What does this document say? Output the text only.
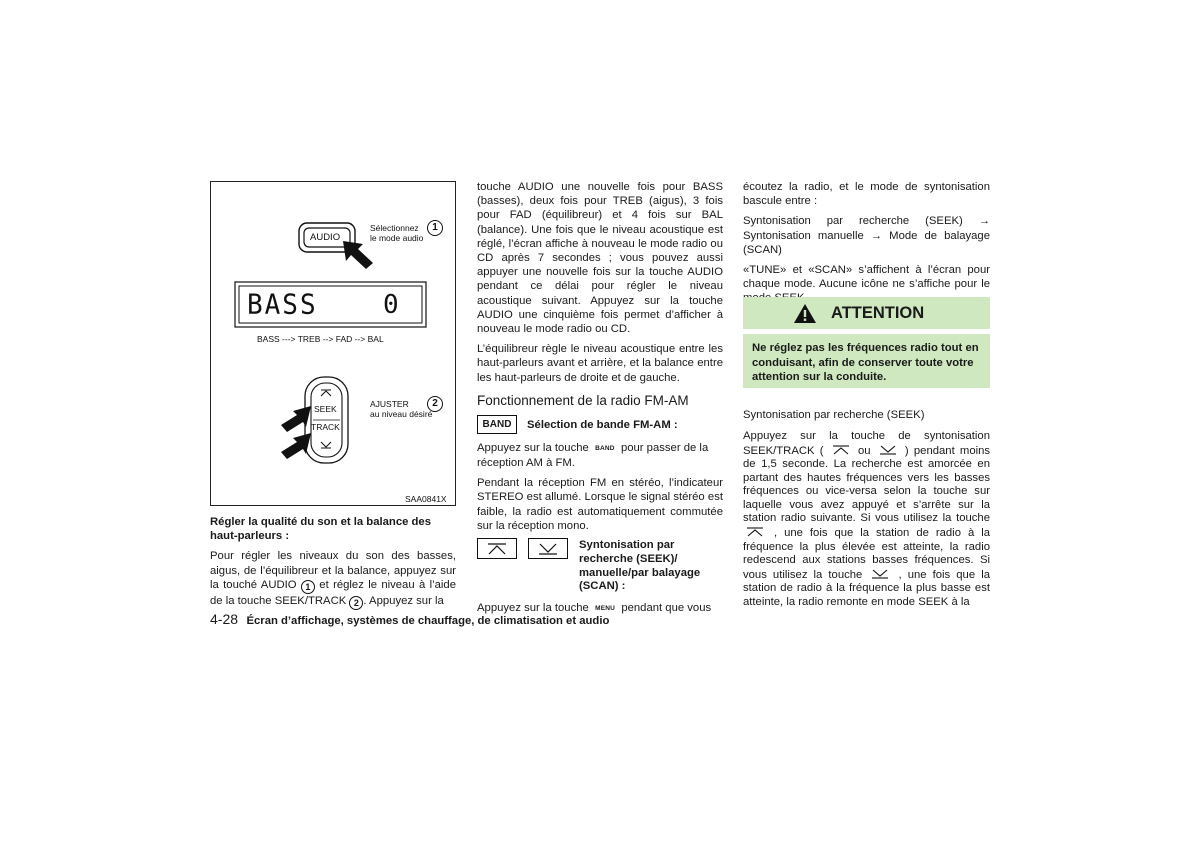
AUDIO
Sélectionnez
le mode audio
1
BASS	0
BASS ---> TREB --> FAD --> BAL
SEEK
TRACK
AJUSTER
au niveau désiré
2
SAA0841X

Régler la qualité du son et la balance des haut-parleurs :

Pour régler les niveaux du son des basses, aigus, de l’équilibreur et la balance, appuyez sur la touché AUDIO 1 et réglez le niveau à l’aide de la touche SEEK/TRACK 2 . Appuyez sur la

touche AUDIO une nouvelle fois pour BASS (basses), deux fois pour TREB (aigus), 3 fois pour FAD (équilibreur) et 4 fois sur BAL (balance). Une fois que le niveau acoustique est réglé, l’écran affiche à nouveau le mode radio ou CD après 7 secondes ; vous pouvez aussi appuyer une nouvelle fois sur la touche AUDIO pendant ce délai pour régler le niveau acoustique suivant. Appuyez sur la touche AUDIO une cinquième fois permet d’afficher à nouveau le mode radio ou CD.

L’équilibreur règle le niveau acoustique entre les haut-parleurs avant et arrière, et la balance entre les haut-parleurs de droite et de gauche.

Fonctionnement de la radio FM-AM

BAND	Sélection de bande FM-AM :

Appuyez sur la touche BAND pour passer de la réception AM à FM.

Pendant la réception FM en stéréo, l’indicateur STEREO est allumé. Lorsque le signal stéréo est faible, la radio est automatiquement commutée sur la réception mono.

Syntonisation par recherche (SEEK)/ manuelle/par balayage (SCAN) :

Appuyez sur la touche MENU pendant que vous

écoutez la radio, et le mode de syntonisation bascule entre :

Syntonisation par recherche (SEEK) → Syntonisation manuelle → Mode de balayage (SCAN)

«TUNE» et «SCAN» s’affichent à l’écran pour chaque mode. Aucune icône ne s’affiche pour le

ATTENTION

Ne réglez pas les fréquences radio tout en conduisant, afin de conserver toute votre attention sur la conduite.

Syntonisation par recherche (SEEK)

Appuyez sur la touche de syntonisation SEEK/TRACK (	ou	) pendant moins de 1,5 seconde. La recherche est amorcée en partant des hautes fréquences vers les basses fréquences ou vice-versa selon la touche sur laquelle vous avez appuyé et s’arrête sur la station radio suivante. Si vous utilisez la touche  , une fois que la station de radio à la fréquence la plus élevée est atteinte, la radio redescend aux stations basses fréquences. Si vous utilisez la touche	, une fois que la station de radio à la fréquence la plus basse est atteinte, la radio remonte en mode SEEK à la

4-28 Écran d’affichage, systèmes de chauffage, de climatisation et audio
